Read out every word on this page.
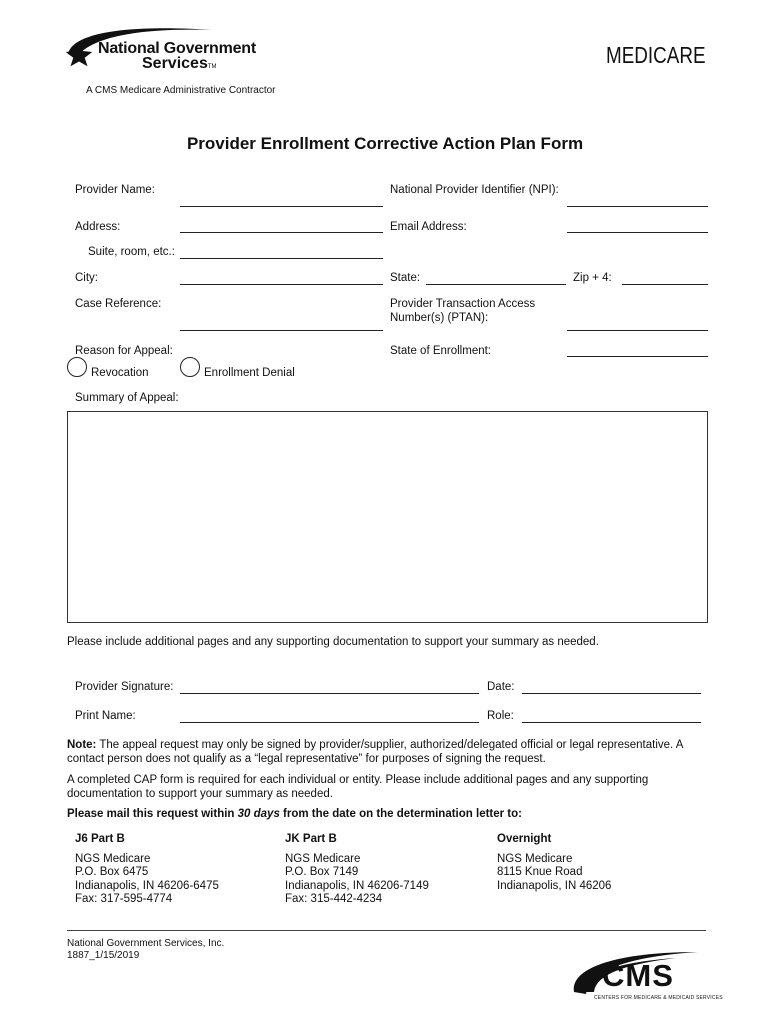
National Government
ServicesTM
A CMS Medicare Administrative Contractor
MEDICARE
Provider Enrollment Corrective Action Plan Form
Provider Name:	National Provider Identifier (NPI):
Address:	Email Address:
Suite, room, etc.:
City:	State:	Zip + 4:
Case Reference:	Provider Transaction Access
Number(s) (PTAN):
Reason for Appeal:	State of Enrollment:
Revocation	Enrollment Denial
Summary of Appeal:
Please include additional pages and any supporting documentation to support your summary as needed.
Provider Signature:	Date:
Print Name:	Role:
Note: The appeal request may only be signed by provider/supplier, authorized/delegated official or legal representative. A contact person does not qualify as a “legal representative” for purposes of signing the request.
A completed CAP form is required for each individual or entity. Please include additional pages and any supporting documentation to support your summary as needed.
Please mail this request within 30 days from the date on the determination letter to:
J6 Part B
NGS Medicare
P.O. Box 6475
Indianapolis, IN 46206-6475
Fax: 317-595-4774
JK Part B
NGS Medicare
P.O. Box 7149
Indianapolis, IN 46206-7149
Fax: 315-442-4234
Overnight
NGS Medicare
8115 Knue Road
Indianapolis, IN 46206
National Government Services, Inc.
1887_1/15/2019
CMS
CENTERS FOR MEDICARE & MEDICAID SERVICES
